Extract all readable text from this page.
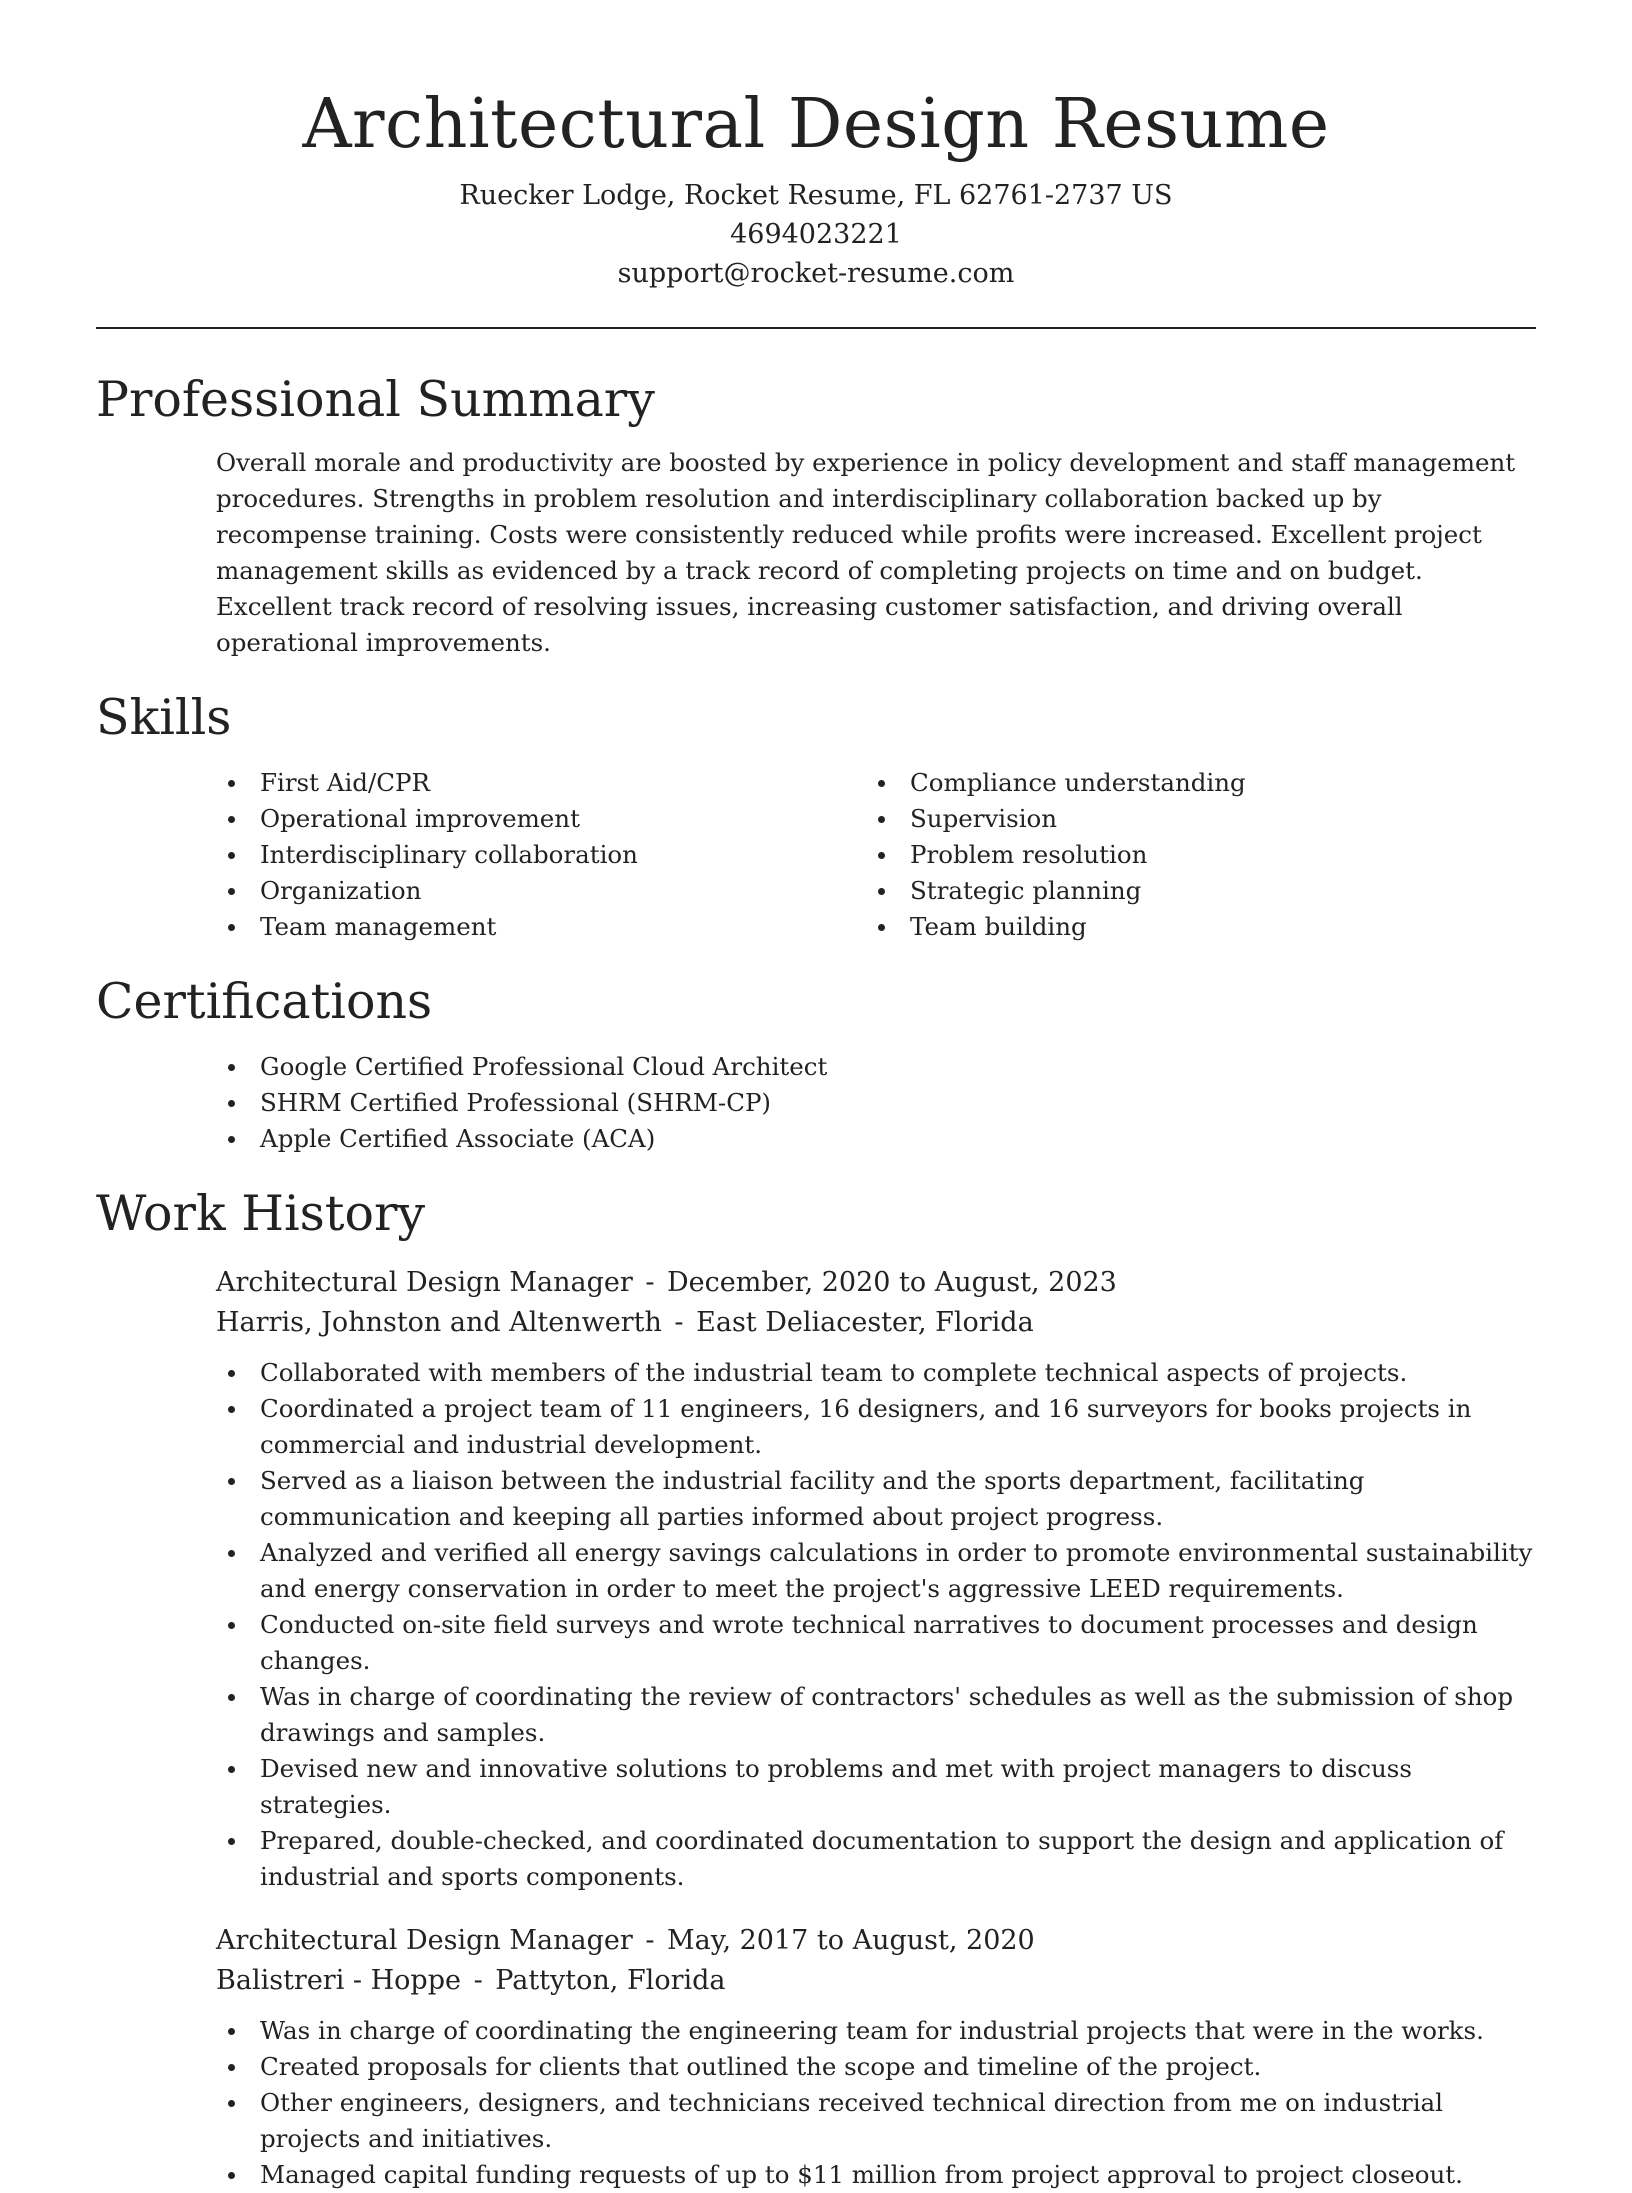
Architectural Design Resume
Ruecker Lodge, Rocket Resume, FL 62761-2737 US
4694023221
support@rocket-resume.com
Professional Summary
Overall morale and productivity are boosted by experience in policy development and staff management procedures. Strengths in problem resolution and interdisciplinary collaboration backed up by recompense training. Costs were consistently reduced while profits were increased. Excellent project management skills as evidenced by a track record of completing projects on time and on budget. Excellent track record of resolving issues, increasing customer satisfaction, and driving overall operational improvements.
Skills
First Aid/CPR
Operational improvement
Interdisciplinary collaboration
Organization
Team management
Compliance understanding
Supervision
Problem resolution
Strategic planning
Team building
Certifications
Google Certified Professional Cloud Architect
SHRM Certified Professional (SHRM-CP)
Apple Certified Associate (ACA)
Work History
Architectural Design Manager - December, 2020 to August, 2023
Harris, Johnston and Altenwerth - East Deliacester, Florida
Collaborated with members of the industrial team to complete technical aspects of projects.
Coordinated a project team of 11 engineers, 16 designers, and 16 surveyors for books projects in commercial and industrial development.
Served as a liaison between the industrial facility and the sports department, facilitating communication and keeping all parties informed about project progress.
Analyzed and verified all energy savings calculations in order to promote environmental sustainability and energy conservation in order to meet the project's aggressive LEED requirements.
Conducted on-site field surveys and wrote technical narratives to document processes and design changes.
Was in charge of coordinating the review of contractors' schedules as well as the submission of shop drawings and samples.
Devised new and innovative solutions to problems and met with project managers to discuss strategies.
Prepared, double-checked, and coordinated documentation to support the design and application of industrial and sports components.
Architectural Design Manager - May, 2017 to August, 2020
Balistreri - Hoppe - Pattyton, Florida
Was in charge of coordinating the engineering team for industrial projects that were in the works.
Created proposals for clients that outlined the scope and timeline of the project.
Other engineers, designers, and technicians received technical direction from me on industrial projects and initiatives.
Managed capital funding requests of up to $11 million from project approval to project closeout.
